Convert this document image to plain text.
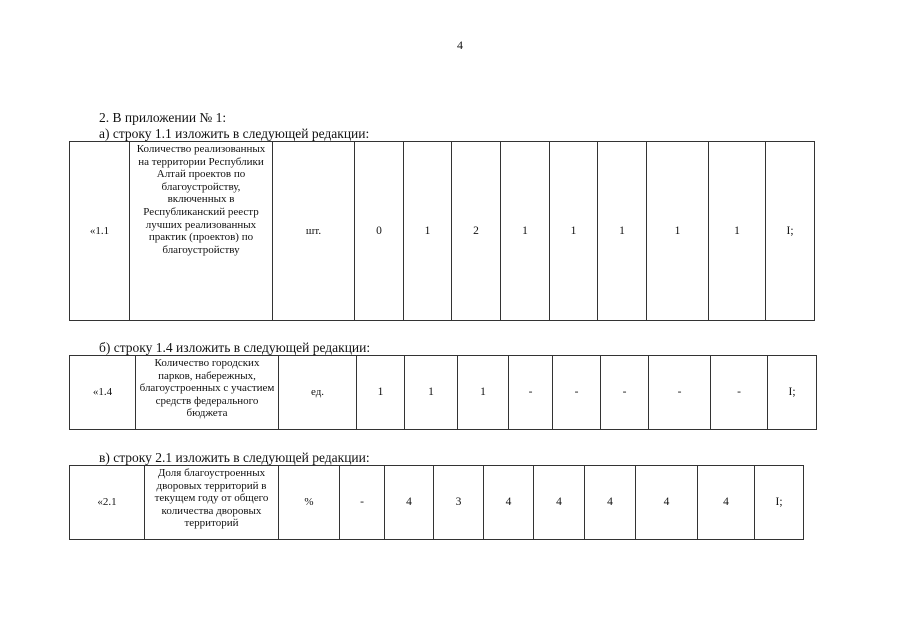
4
2. В приложении № 1:
а) строку 1.1 изложить в следующей редакции:
«1.1	Количество реализованных на территории Республики Алтай проектов по благоустройству, включенных в Республиканский реестр лучших реализованных практик (проектов) по благоустройству	шт.	0	1	2	1	1	1	1	1	I;
б) строку 1.4 изложить в следующей редакции:
«1.4	Количество городских парков, набережных, благоустроенных с участием средств федерального бюджета	ед.	1	1	1	-	-	-	-	-	I;
в) строку 2.1 изложить в следующей редакции:
«2.1	Доля благоустроенных дворовых территорий в текущем году от общего количества дворовых территорий	%	-	4	3	4	4	4	4	4	I;
